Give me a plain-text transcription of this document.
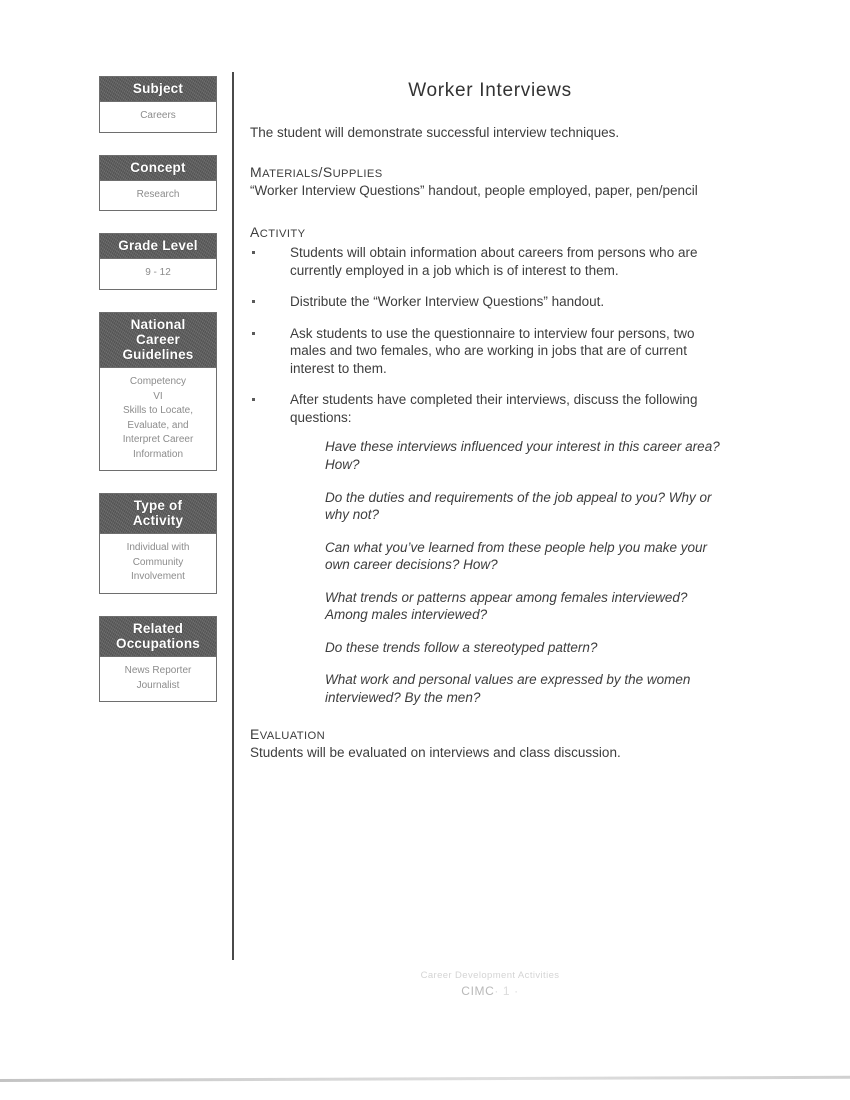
Subject
Careers
Concept
Research
Grade Level
9 - 12
National
Career
Guidelines
Competency
VI
Skills to Locate,
Evaluate, and
Interpret Career
Information
Type of
Activity
Individual with
Community
Involvement
Related
Occupations
News Reporter
Journalist
Worker Interviews

The student will demonstrate successful interview techniques.

MATERIALS/SUPPLIES

“Worker Interview Questions” handout, people employed, paper, pen/pencil

ACTIVITY
Students will obtain information about careers from persons who are currently employed in a job which is of interest to them.
Distribute the “Worker Interview Questions” handout.
Ask students to use the questionnaire to interview four persons, two males and two females, who are working in jobs that are of current interest to them.
After students have completed their interviews, discuss the following questions:
Have these interviews influenced your interest in this career area? How?
Do the duties and requirements of the job appeal to you? Why or why not?
Can what you’ve learned from these people help you make your own career decisions? How?
What trends or patterns appear among females interviewed? Among males interviewed?
Do these trends follow a stereotyped pattern?
What work and personal values are expressed by the women interviewed? By the men?
EVALUATION

Students will be evaluated on interviews and class discussion.

Career Development Activities
CIMC· 1 ·
